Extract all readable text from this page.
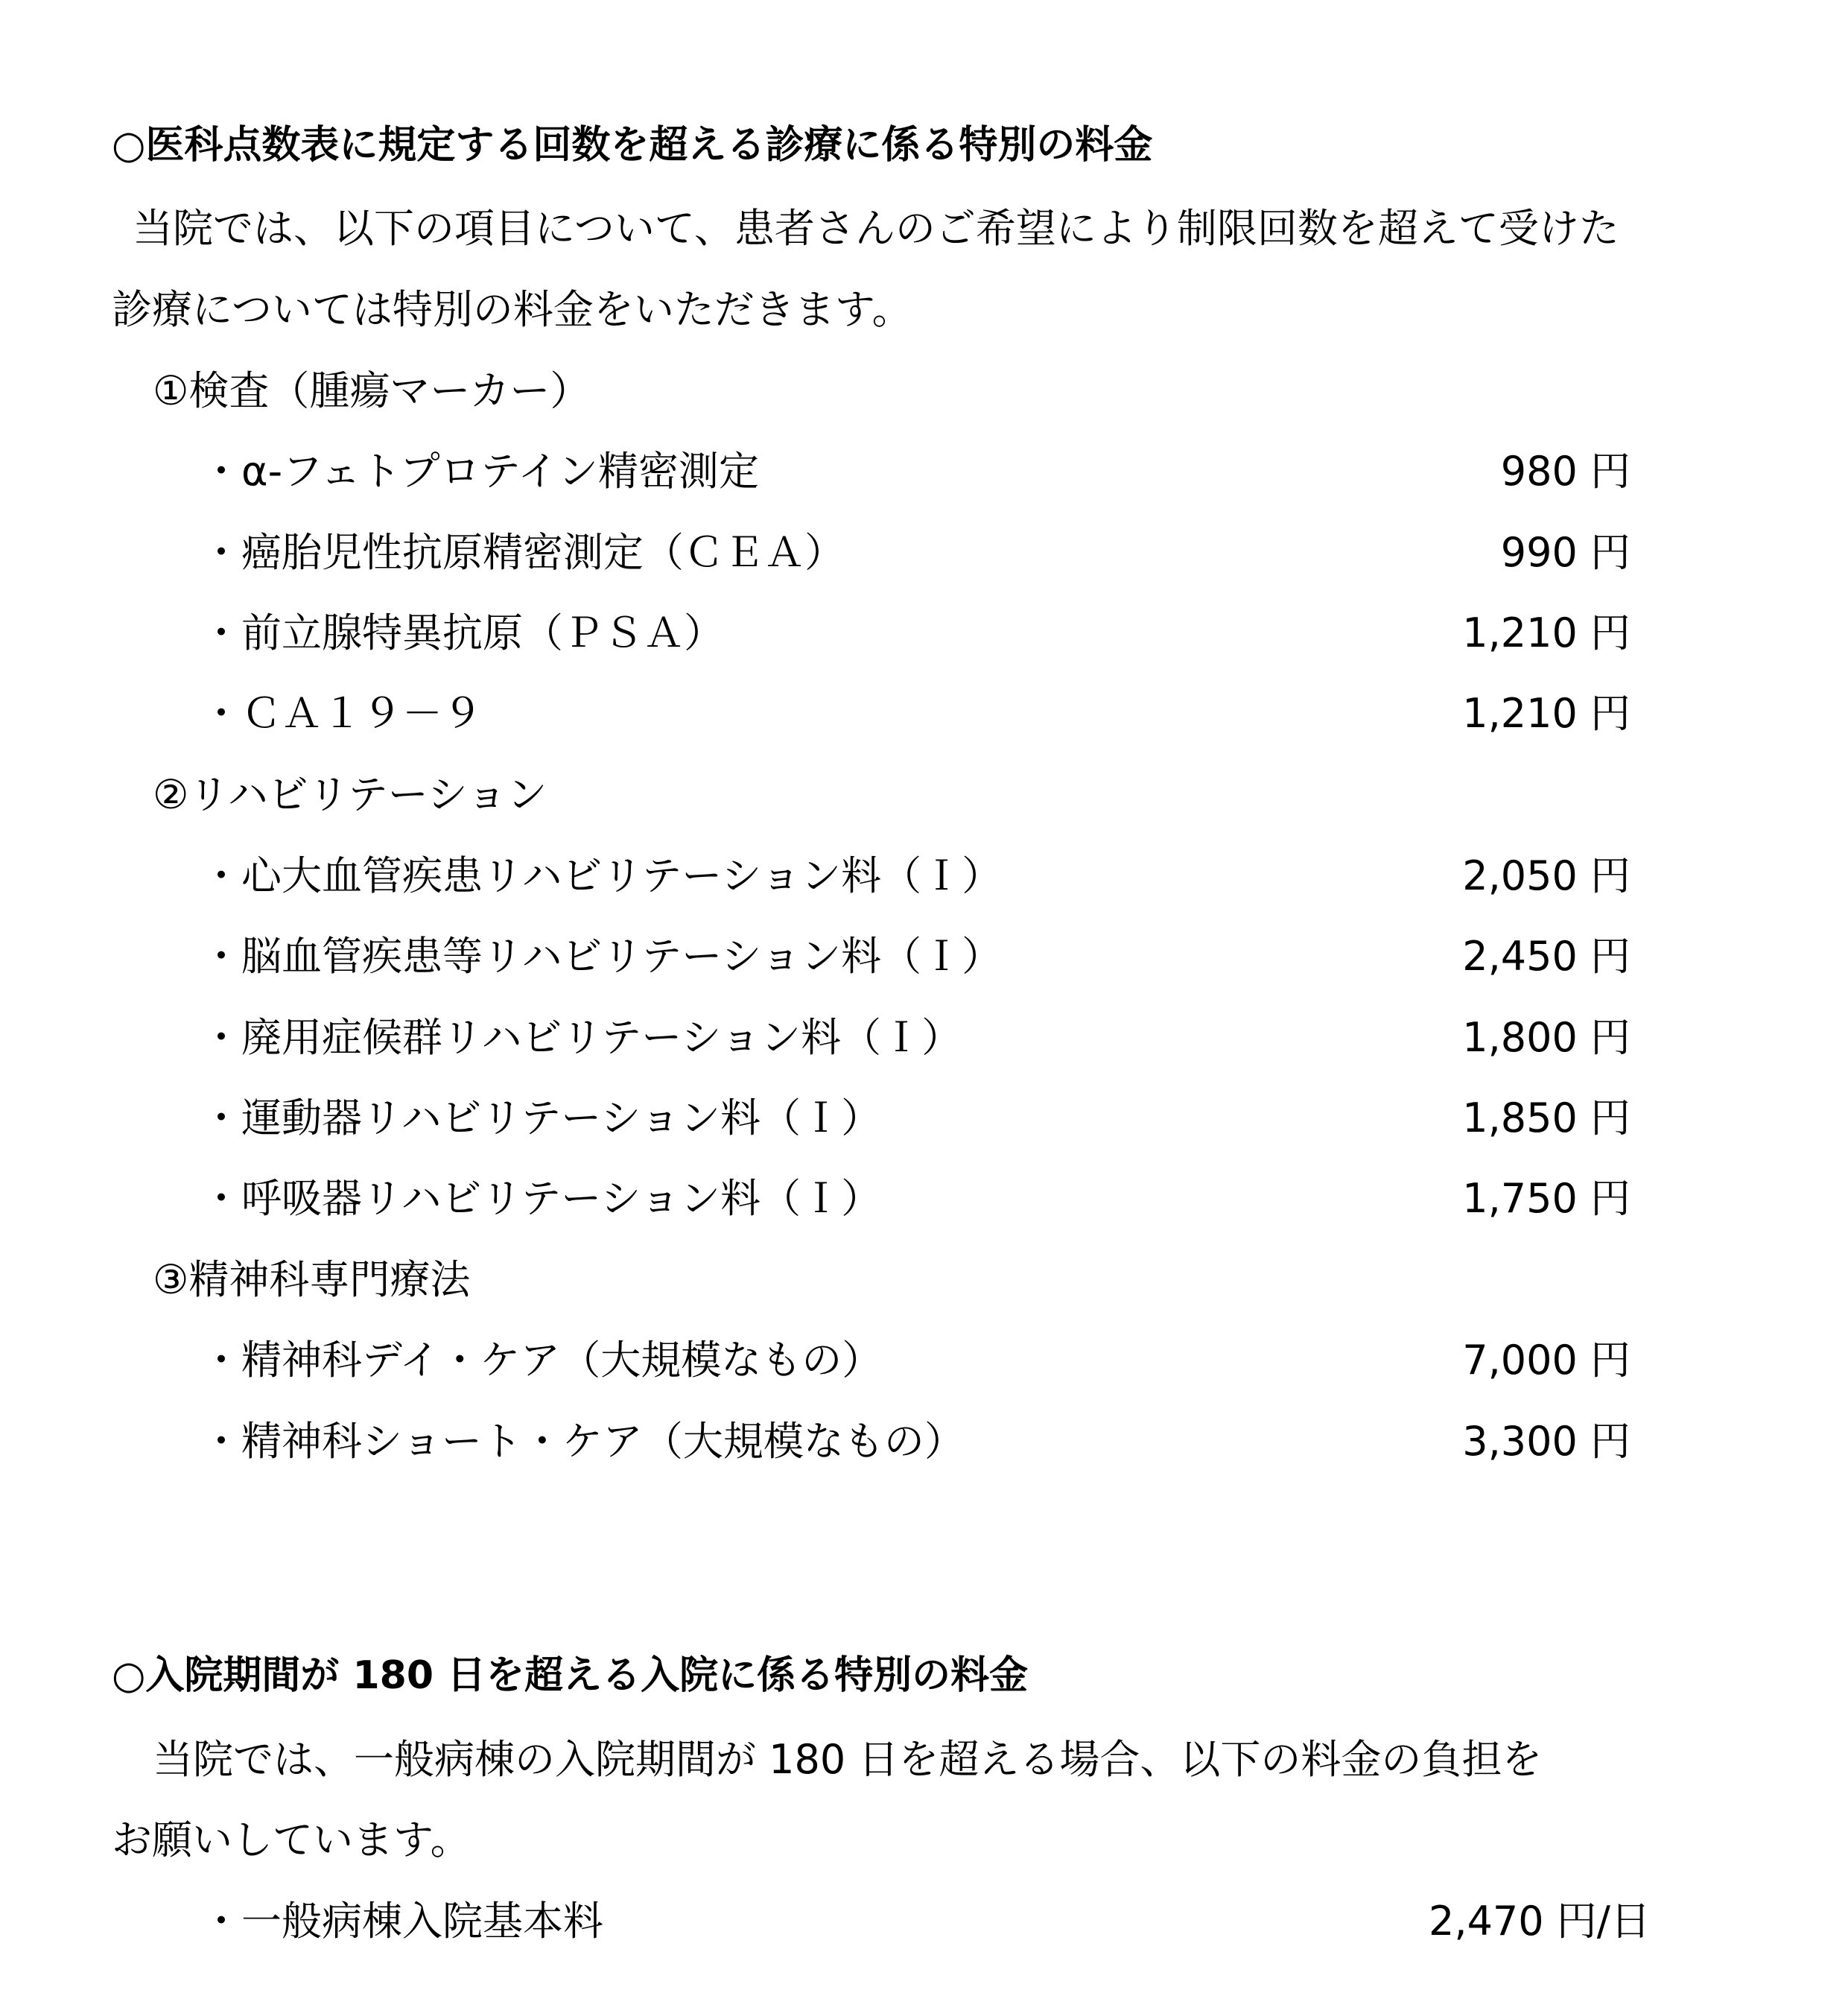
○医科点数表に規定する回数を超える診療に係る特別の料金
当院では、以下の項目について、患者さんのご希望により制限回数を超えて受けた
診療については特別の料金をいただきます。
①検査（腫瘍マーカー）
・α-フェトプロテイン精密測定	980 円
・癌胎児性抗原精密測定（ＣＥＡ）	990 円
・前立腺特異抗原（ＰＳＡ）	1,210 円
・ＣＡ１９－９	1,210 円
②リハビリテーション
・心大血管疾患リハビリテーション料（Ｉ）	2,050 円
・脳血管疾患等リハビリテーション料（Ｉ）	2,450 円
・廃用症候群リハビリテーション料（Ｉ）	1,800 円
・運動器リハビリテーション料（Ｉ）	1,850 円
・呼吸器リハビリテーション料（Ｉ）	1,750 円
③精神科専門療法
・精神科デイ・ケア（大規模なもの）	7,000 円
・精神科ショート・ケア（大規模なもの）	3,300 円
○入院期間が 180 日を超える入院に係る特別の料金
当院では、一般病棟の入院期間が 180 日を超える場合、以下の料金の負担を
お願いしています。
・一般病棟入院基本料	2,470 円/日
